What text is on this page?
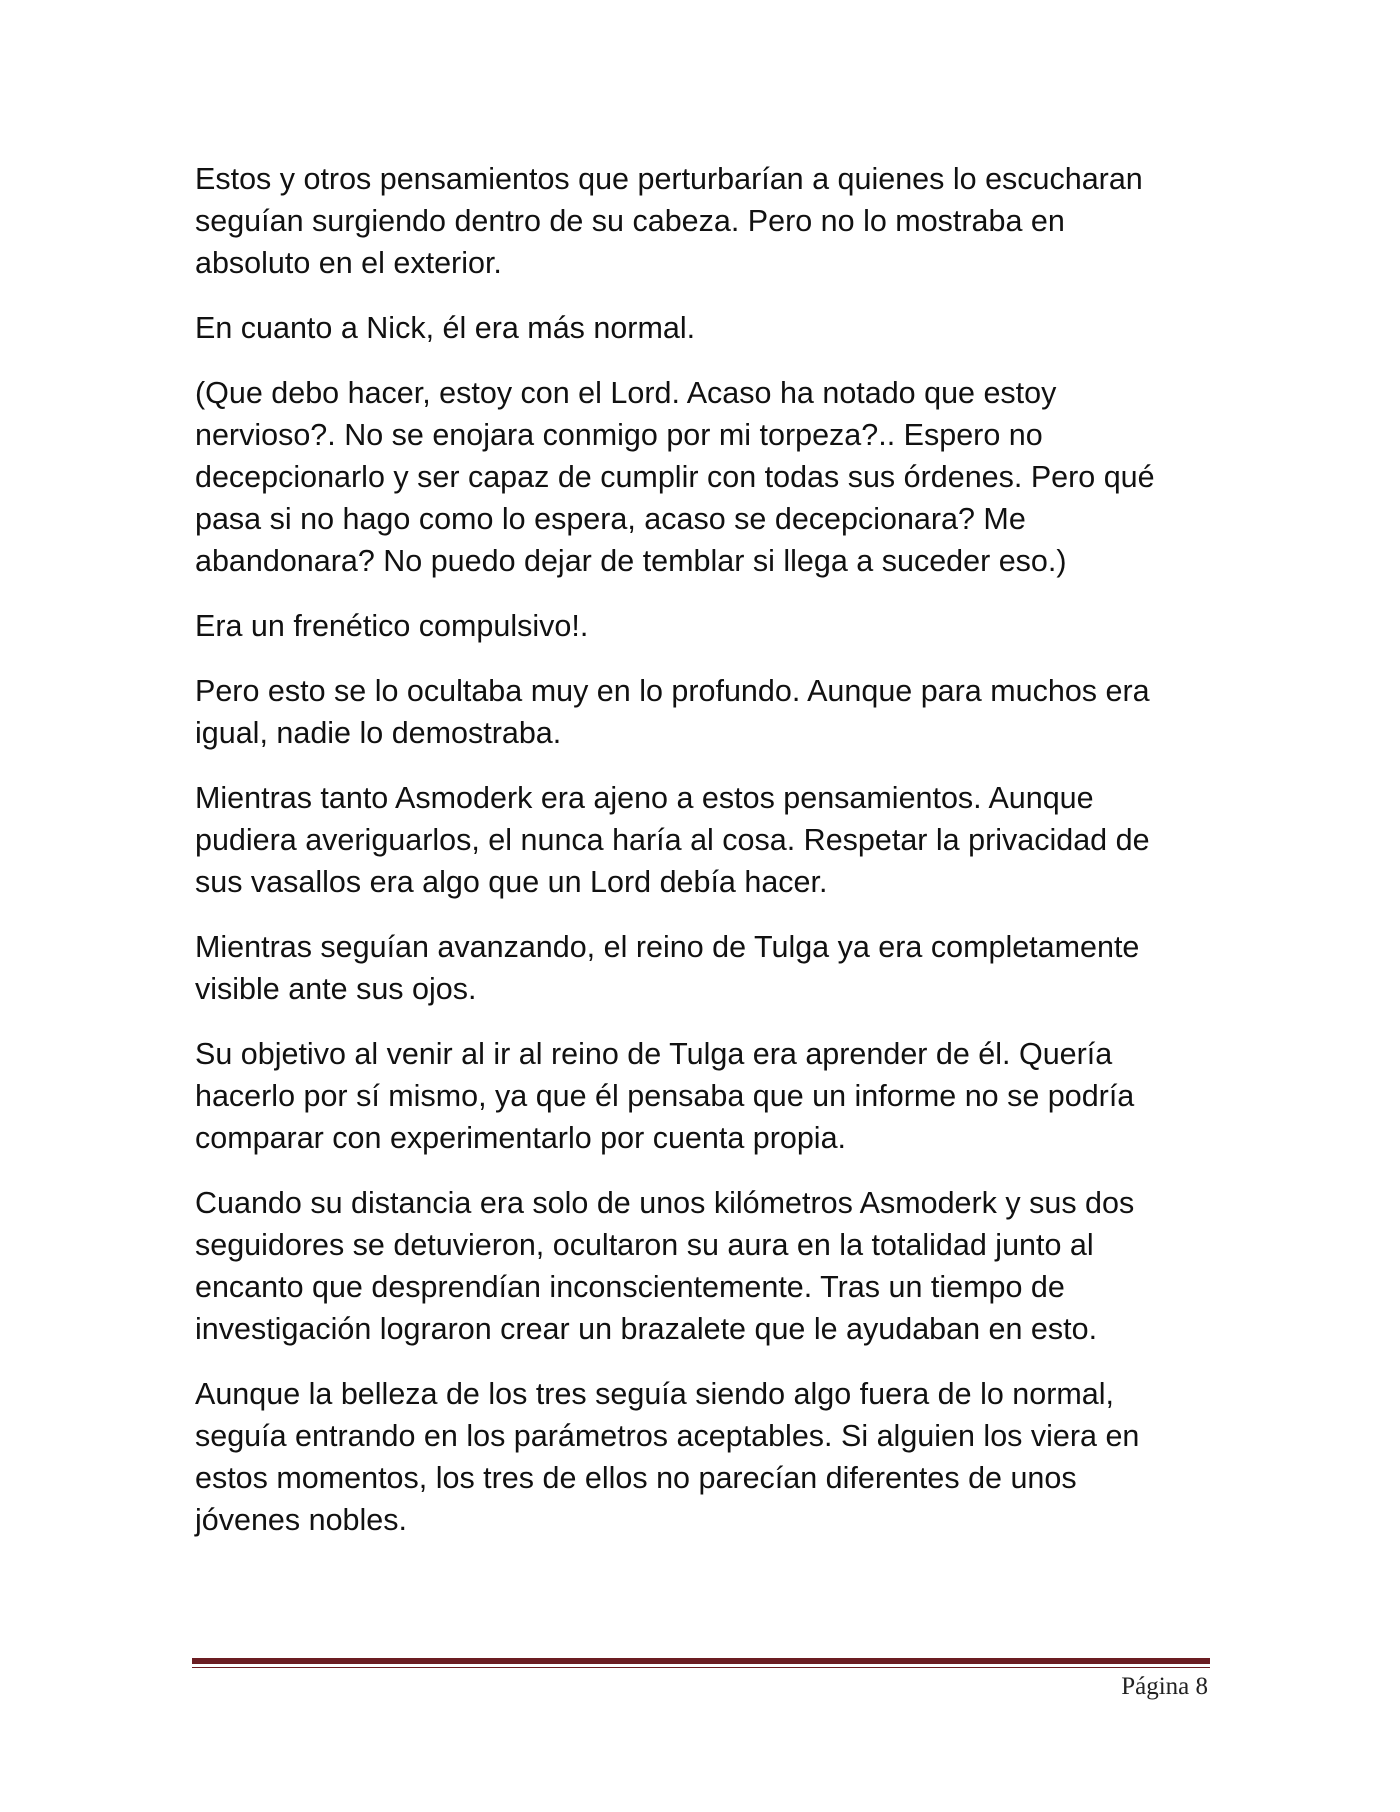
Estos y otros pensamientos que perturbarían a quienes lo escucharan
seguían surgiendo dentro de su cabeza. Pero no lo mostraba en
absoluto en el exterior.

En cuanto a Nick, él era más normal.

(Que debo hacer, estoy con el Lord. Acaso ha notado que estoy
nervioso?. No se enojara conmigo por mi torpeza?.. Espero no
decepcionarlo y ser capaz de cumplir con todas sus órdenes. Pero qué
pasa si no hago como lo espera, acaso se decepcionara? Me
abandonara? No puedo dejar de temblar si llega a suceder eso.)

Era un frenético compulsivo!.

Pero esto se lo ocultaba muy en lo profundo. Aunque para muchos era
igual, nadie lo demostraba.

Mientras tanto Asmoderk era ajeno a estos pensamientos. Aunque
pudiera averiguarlos, el nunca haría al cosa. Respetar la privacidad de
sus vasallos era algo que un Lord debía hacer.

Mientras seguían avanzando, el reino de Tulga ya era completamente
visible ante sus ojos.

Su objetivo al venir al ir al reino de Tulga era aprender de él. Quería
hacerlo por sí mismo, ya que él pensaba que un informe no se podría
comparar con experimentarlo por cuenta propia.

Cuando su distancia era solo de unos kilómetros Asmoderk y sus dos
seguidores se detuvieron, ocultaron su aura en la totalidad junto al
encanto que desprendían inconscientemente. Tras un tiempo de
investigación lograron crear un brazalete que le ayudaban en esto.

Aunque la belleza de los tres seguía siendo algo fuera de lo normal,
seguía entrando en los parámetros aceptables. Si alguien los viera en
estos momentos, los tres de ellos no parecían diferentes de unos
jóvenes nobles.

Página 8
